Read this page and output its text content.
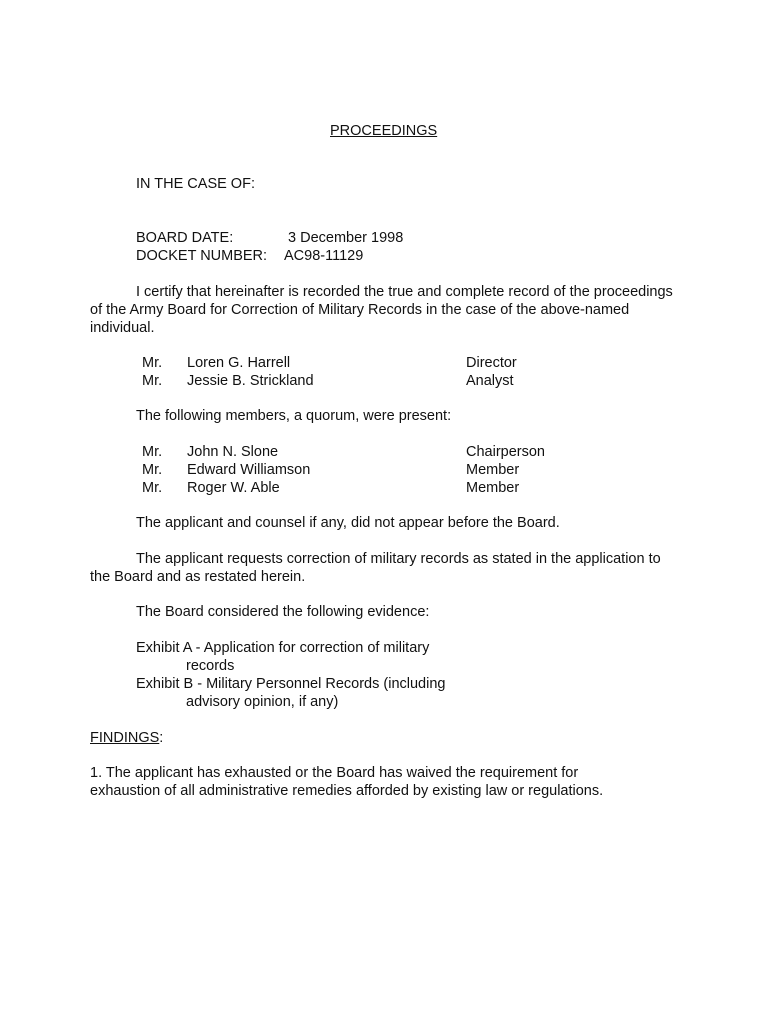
PROCEEDINGS
IN THE CASE OF:
BOARD DATE:	3 December 1998
DOCKET NUMBER: AC98-11129
I certify that hereinafter is recorded the true and complete record of the proceedings of the Army Board for Correction of Military Records in the case of the above-named individual.
Mr. Loren G. Harrell	Director
Mr. Jessie B. Strickland	Analyst
The following members, a quorum, were present:
Mr. John N. Slone	Chairperson
Mr. Edward Williamson	Member
Mr. Roger W. Able	Member
The applicant and counsel if any, did not appear before the Board.
The applicant requests correction of military records as stated in the application to the Board and as restated herein.
The Board considered the following evidence:
Exhibit A - Application for correction of military
records
Exhibit B - Military Personnel Records (including
advisory opinion, if any)
FINDINGS:
1. The applicant has exhausted or the Board has waived the requirement for exhaustion of all administrative remedies afforded by existing law or regulations.
